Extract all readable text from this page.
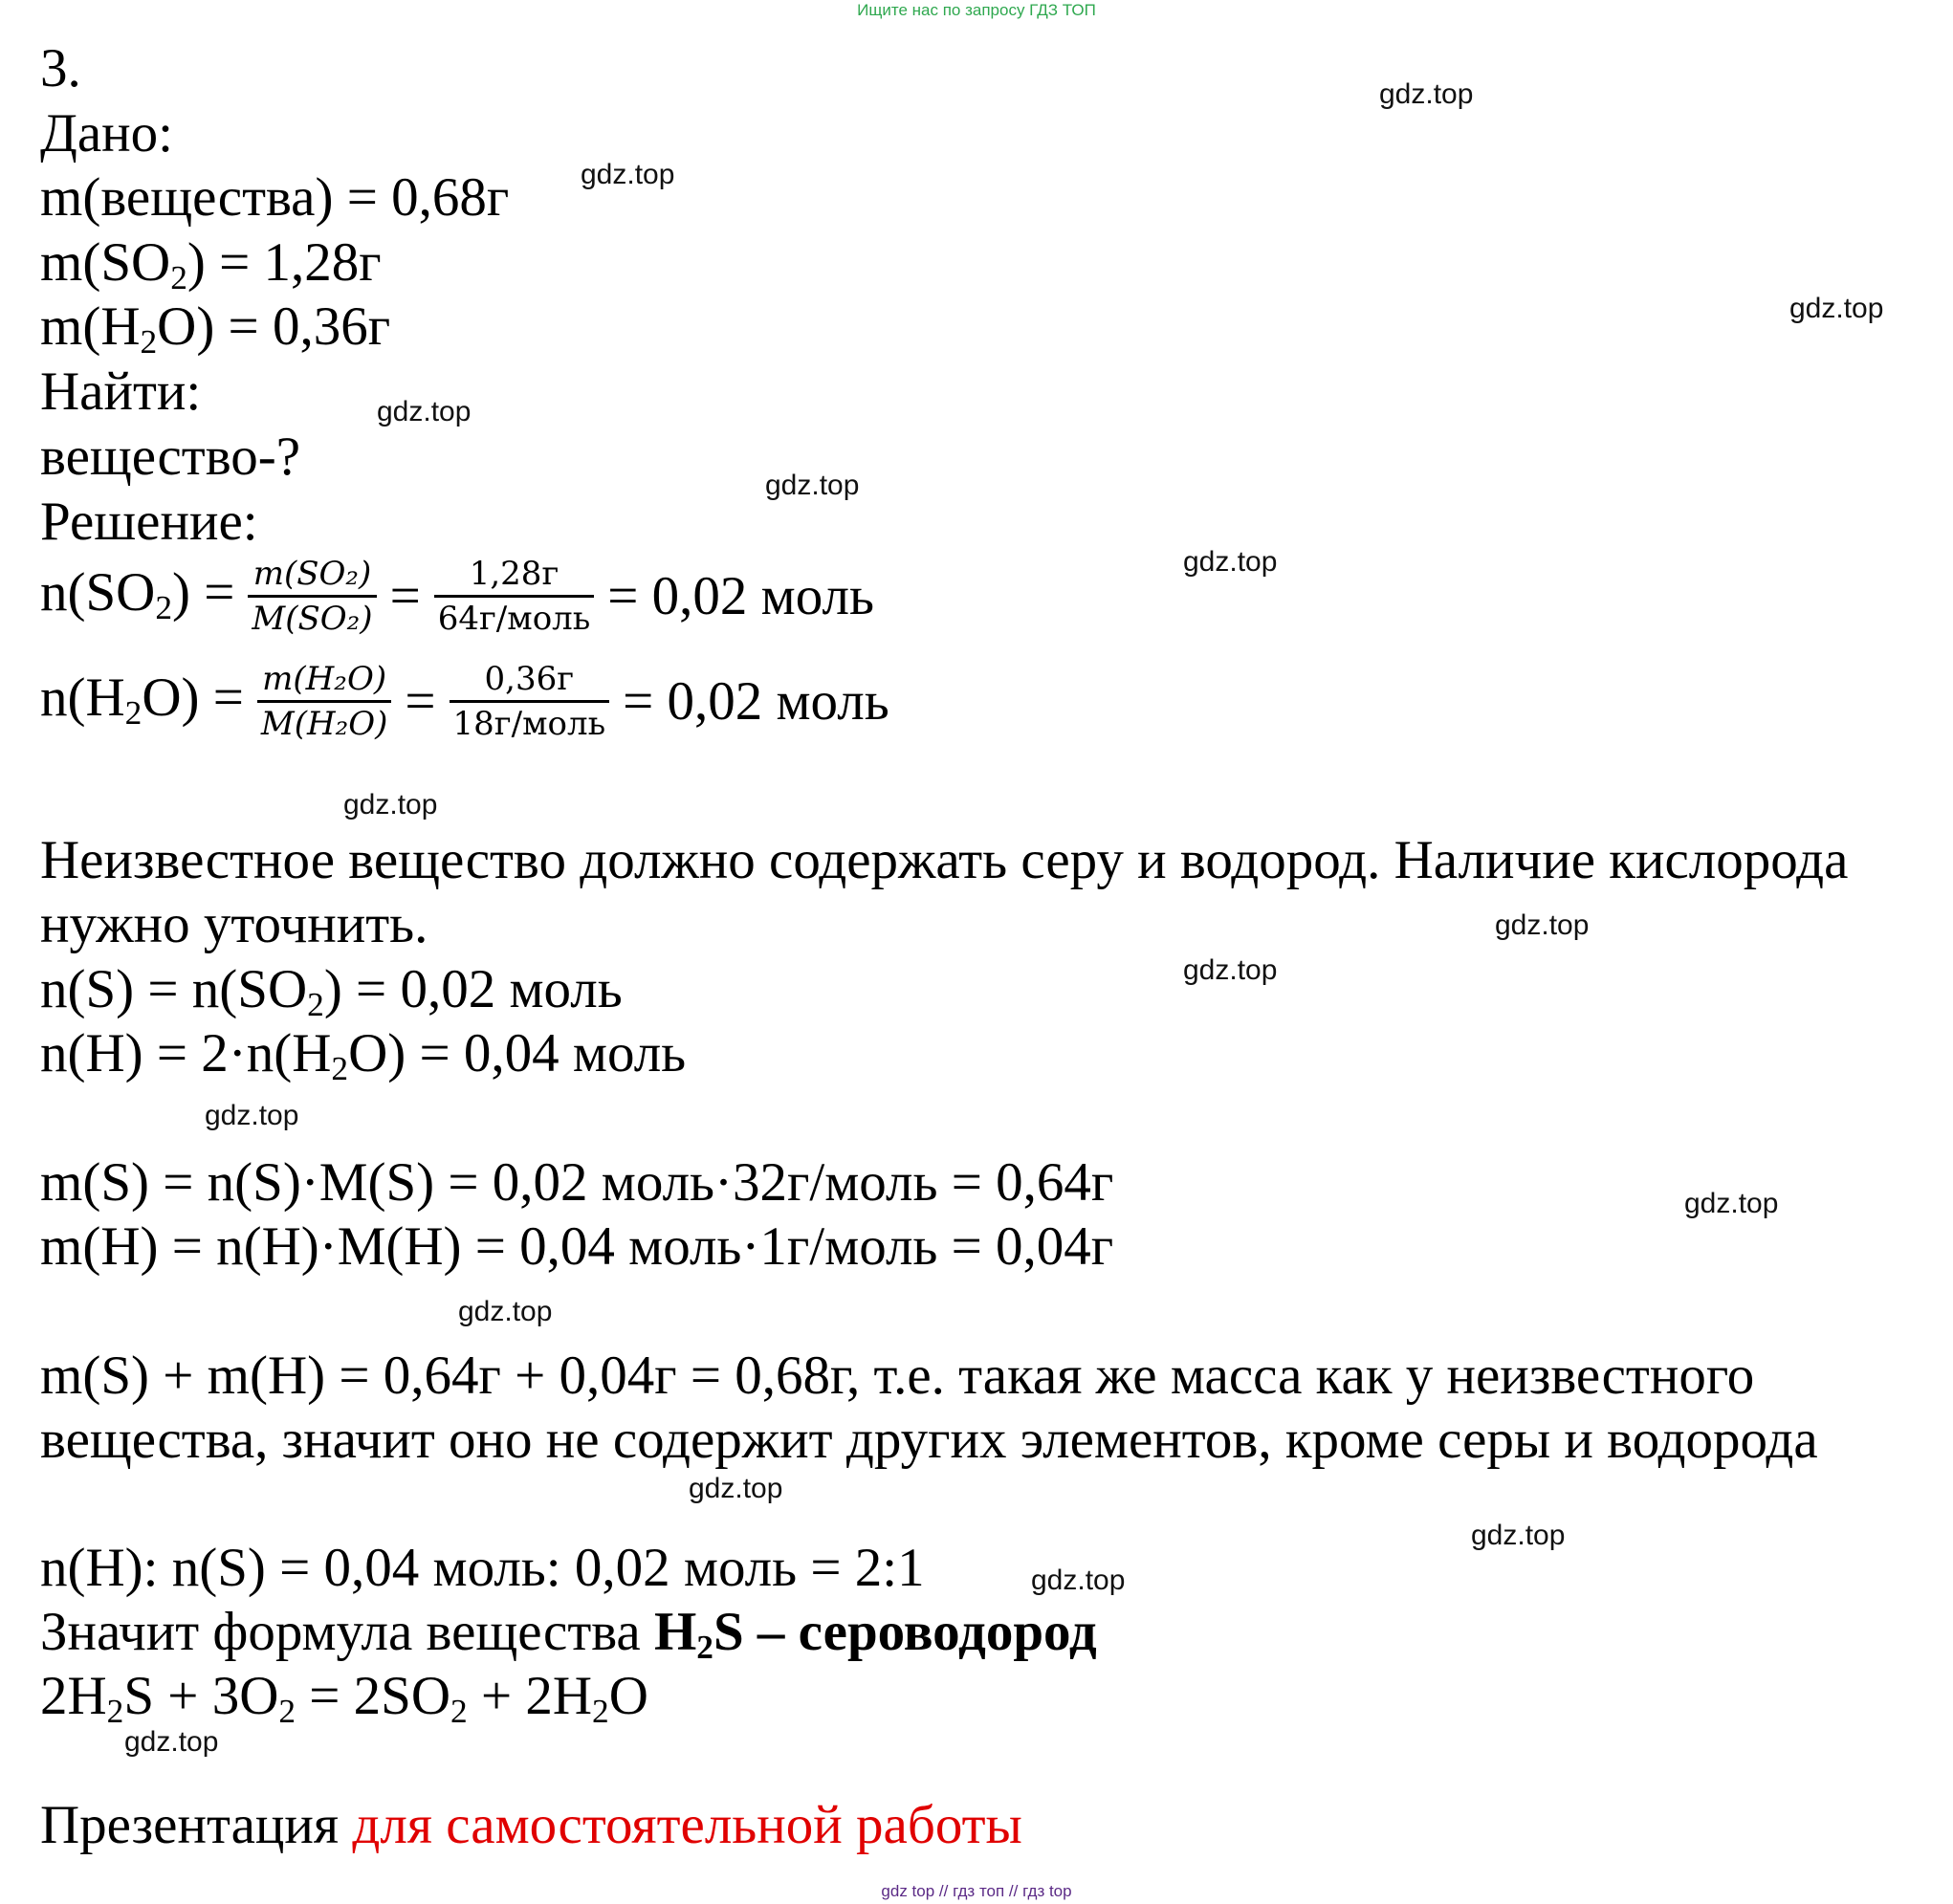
Ищите нас по запросу ГДЗ ТОП
3.
Дано:
m(вещества) = 0,68г
m(SO2) = 1,28г
m(H2O) = 0,36г
Найти:
вещество-?
Решение:
$n(SO2) = \frac{\text{m(SO₂)}}{\text{M(SO₂)}} = \frac{1,28г}{\text{64г/моль}} = 0,02$ моль
$n(H2O) = \frac{\text{m(H₂O)}}{\text{M(H₂O)}} = \frac{0,36г}{\text{18г/моль}} = 0,02$ моль
Неизвестное вещество должно содержать серу и водород. Наличие кислорода
нужно уточнить.
n(S) = n(SO2) = 0,02 моль
n(H) = 2·n(H2O) = 0,04 моль
m(S) = n(S)·M(S) = 0,02 моль·32г/моль = 0,64г
m(H) = n(H)·M(H) = 0,04 моль·1г/моль = 0,04г
m(S) + m(H) = 0,64г + 0,04г = 0,68г, т.е. такая же масса как у неизвестного
вещества, значит оно не содержит других элементов, кроме серы и водорода
n(H): n(S) = 0,04 моль: 0,02 моль = 2:1
Значит формула вещества H2S – сероводород
2H2S + 3O2 = 2SO2 + 2H2O
Презентация для самостоятельной работы
gdz.top
gdz.top
gdz.top
gdz.top
gdz.top
gdz.top
gdz.top
gdz.top
gdz.top
gdz.top
gdz.top
gdz.top
gdz.top
gdz.top
gdz.top
gdz.top
gdz top // гдз топ // гдз top
